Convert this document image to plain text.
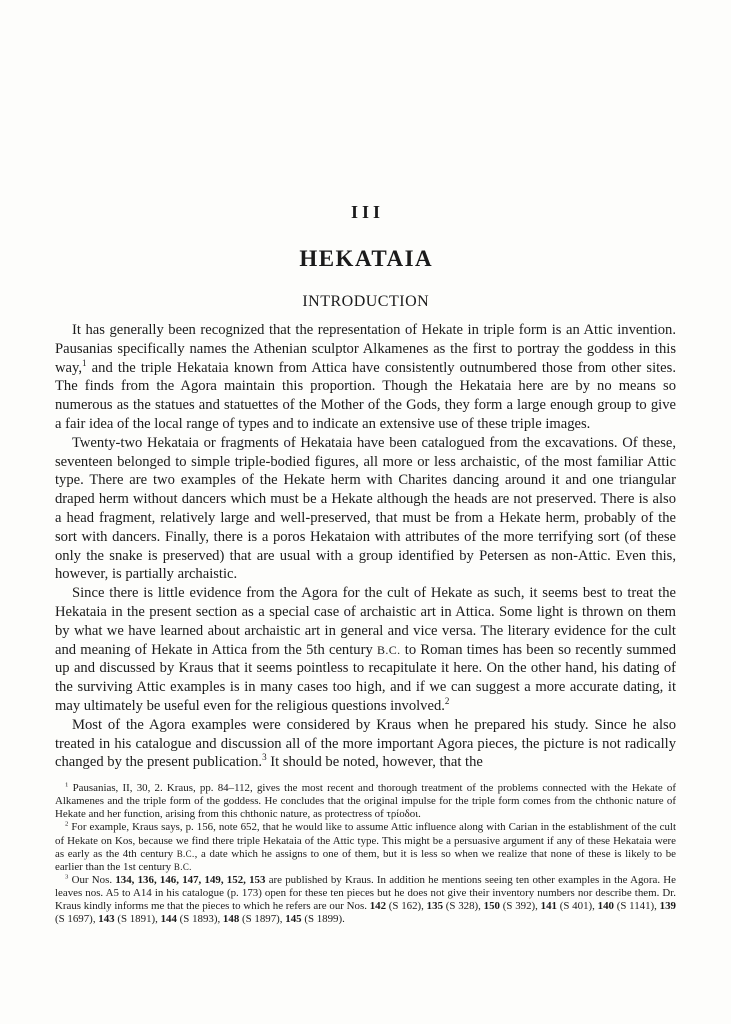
III
HEKATAIA
INTRODUCTION

It has generally been recognized that the representation of Hekate in triple form is an Attic invention. Pausanias specifically names the Athenian sculptor Alkamenes as the first to portray the goddess in this way,$^1$ and the triple Hekataia known from Attica have consistently outnumbered those from other sites. The finds from the Agora maintain this proportion. Though the Hekataia here are by no means so numerous as the statues and statuettes of the Mother of the Gods, they form a large enough group to give a fair idea of the local range of types and to indicate an extensive use of these triple images.

Twenty-two Hekataia or fragments of Hekataia have been catalogued from the excavations. Of these, seventeen belonged to simple triple-bodied figures, all more or less archaistic, of the most familiar Attic type. There are two examples of the Hekate herm with Charites dancing around it and one triangular draped herm without dancers which must be a Hekate although the heads are not preserved. There is also a head fragment, relatively large and well-preserved, that must be from a Hekate herm, probably of the sort with dancers. Finally, there is a poros Hekataion with attributes of the more terrifying sort (of these only the snake is preserved) that are usual with a group identified by Petersen as non-Attic. Even this, however, is partially archaistic.

Since there is little evidence from the Agora for the cult of Hekate as such, it seems best to treat the Hekataia in the present section as a special case of archaistic art in Attica. Some light is thrown on them by what we have learned about archaistic art in general and vice versa. The literary evidence for the cult and meaning of Hekate in Attica from the 5th century B.C. to Roman times has been so recently summed up and discussed by Kraus that it seems pointless to recapitulate it here. On the other hand, his dating of the surviving Attic examples is in many cases too high, and if we can suggest a more accurate dating, it may ultimately be useful even for the religious questions involved.$^2$

Most of the Agora examples were considered by Kraus when he prepared his study. Since he also treated in his catalogue and discussion all of the more important Agora pieces, the picture is not radically changed by the present publication.$^3$ It should be noted, however, that the

$^1$ Pausanias, II, 30, 2. Kraus, pp. 84–112, gives the most recent and thorough treatment of the problems connected with the Hekate of Alkamenes and the triple form of the goddess. He concludes that the original impulse for the triple form comes from the chthonic nature of Hekate and her function, arising from this chthonic nature, as protectress of τρίοδοι.

$^2$ For example, Kraus says, p. 156, note 652, that he would like to assume Attic influence along with Carian in the establishment of the cult of Hekate on Kos, because we find there triple Hekataia of the Attic type. This might be a persuasive argument if any of these Hekataia were as early as the 4th century B.C., a date which he assigns to one of them, but it is less so when we realize that none of these is likely to be earlier than the 1st century B.C.

$^3$ Our Nos. 134, 136, 146, 147, 149, 152, 153 are published by Kraus. In addition he mentions seeing ten other examples in the Agora. He leaves nos. A5 to A14 in his catalogue (p. 173) open for these ten pieces but he does not give their inventory numbers nor describe them. Dr. Kraus kindly informs me that the pieces to which he refers are our Nos. 142 (S 162), 135 (S 328), 150 (S 392), 141 (S 401), 140 (S 1141), 139 (S 1697), 143 (S 1891), 144 (S 1893), 148 (S 1897), 145 (S 1899).
